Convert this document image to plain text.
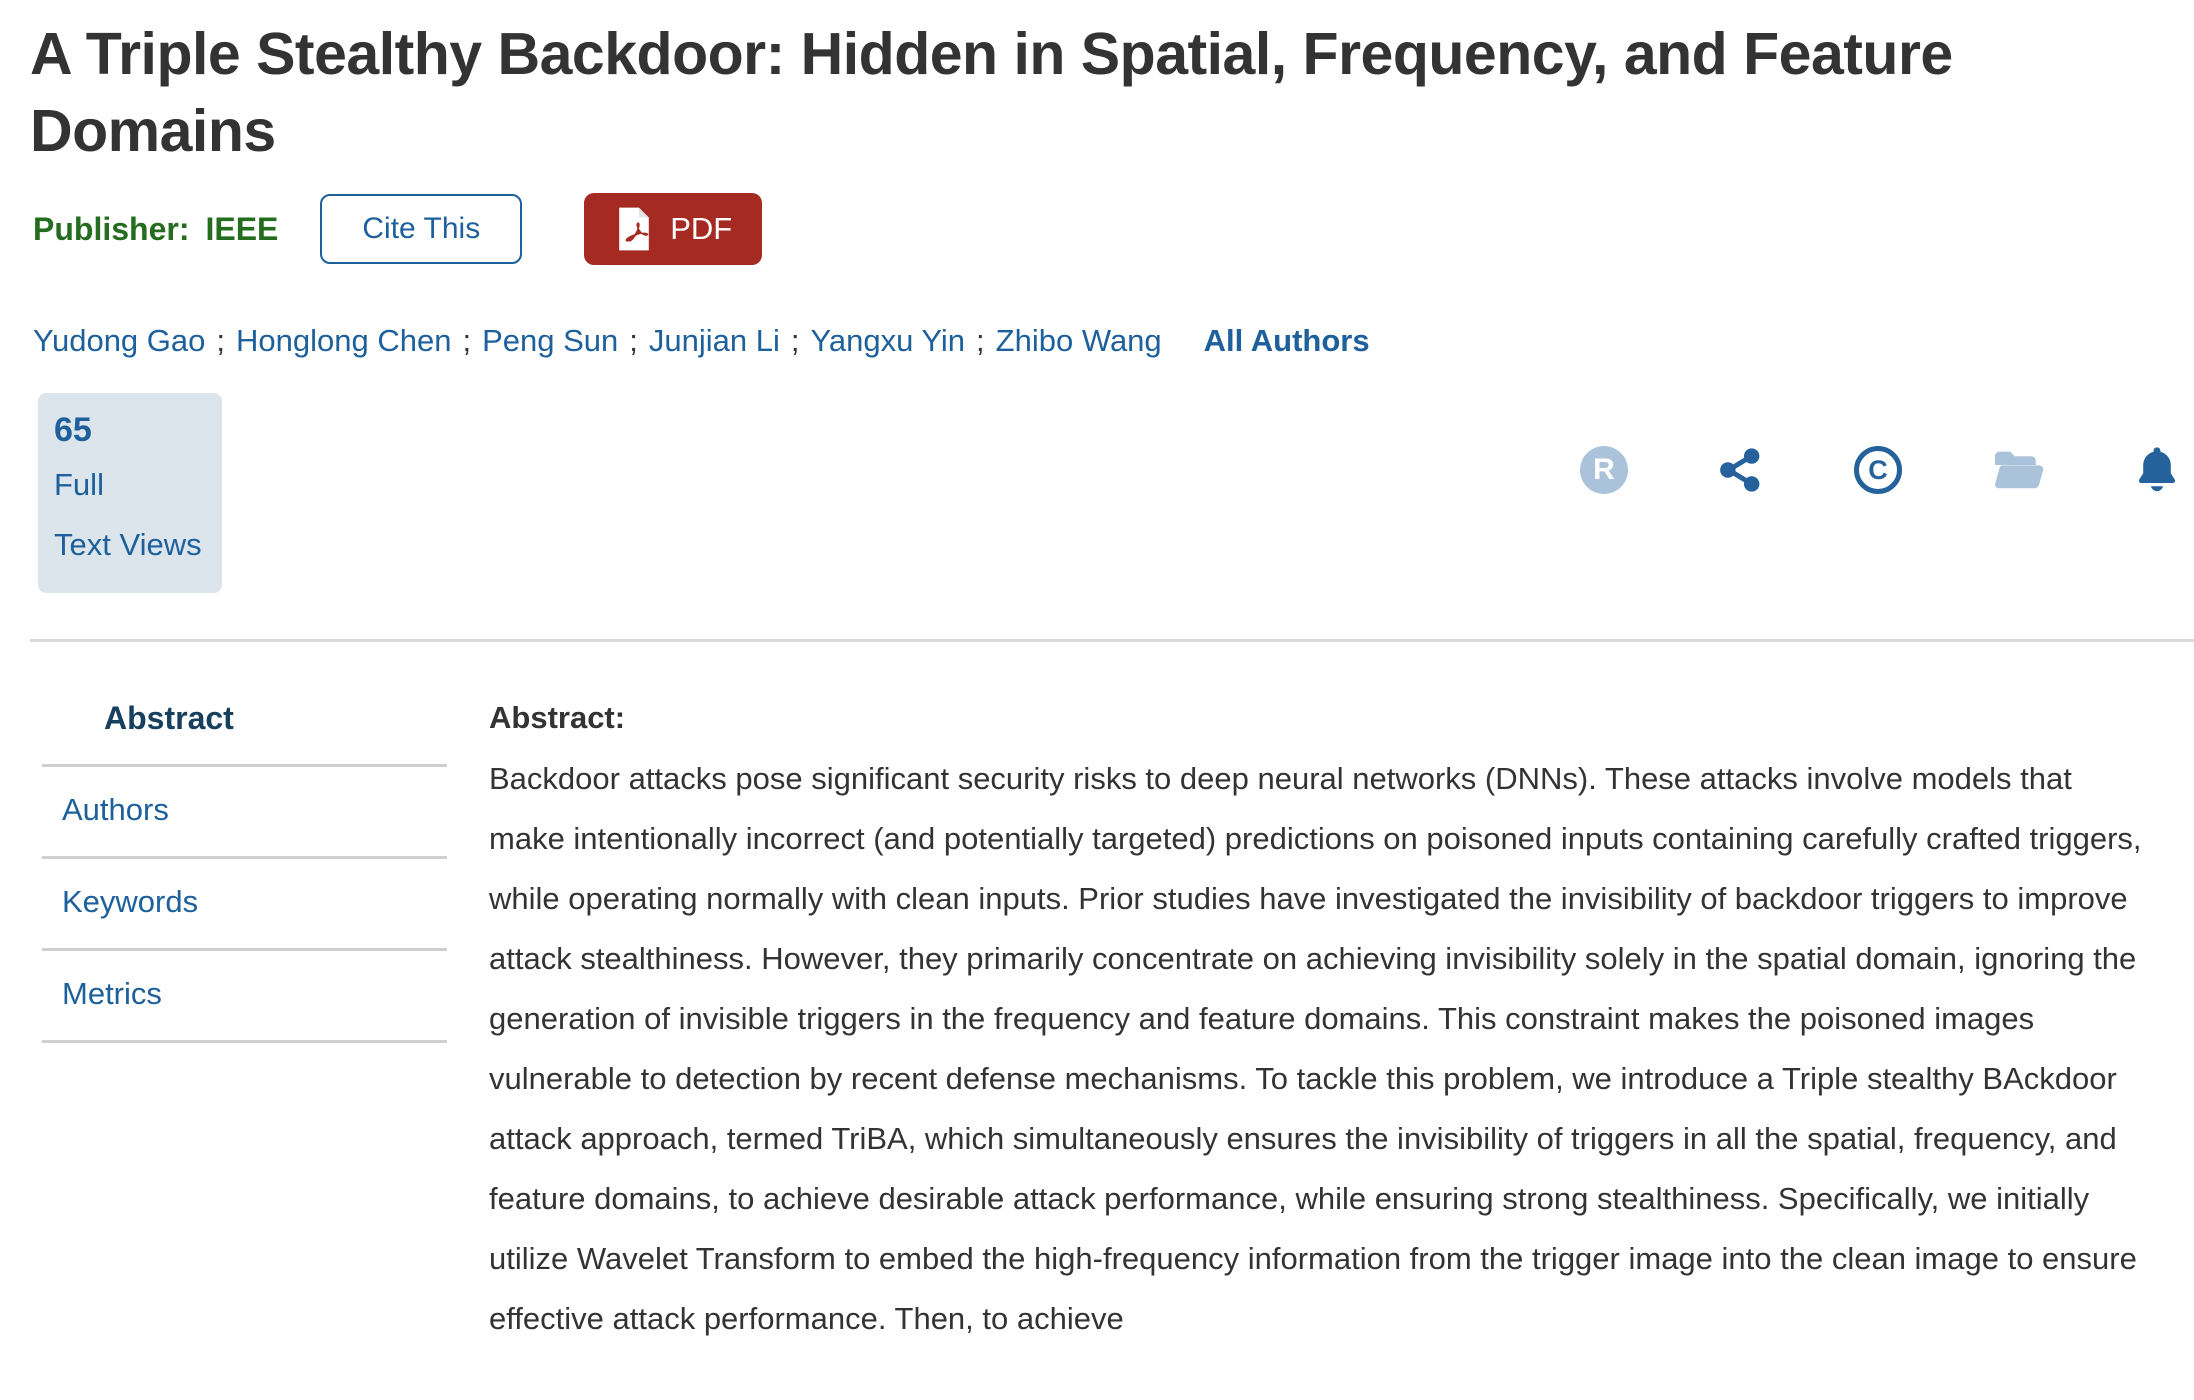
A Triple Stealthy Backdoor: Hidden in Spatial, Frequency, and Feature Domains
Publisher: IEEE	Cite This	PDF
Yudong Gao ; Honglong Chen ; Peng Sun ; Junjian Li ; Yangxu Yin ; Zhibo Wang All Authors
65
Full
Text Views
R	C
Abstract
Authors
Keywords
Metrics
Abstract:
Backdoor attacks pose significant security risks to deep neural networks (DNNs). These attacks involve models that make intentionally incorrect (and potentially targeted) predictions on poisoned inputs containing carefully crafted triggers, while operating normally with clean inputs. Prior studies have investigated the invisibility of backdoor triggers to improve attack stealthiness. However, they primarily concentrate on achieving invisibility solely in the spatial domain, ignoring the generation of invisible triggers in the frequency and feature domains. This constraint makes the poisoned images vulnerable to detection by recent defense mechanisms. To tackle this problem, we introduce a Triple stealthy BAckdoor attack approach, termed TriBA, which simultaneously ensures the invisibility of triggers in all the spatial, frequency, and feature domains, to achieve desirable attack performance, while ensuring strong stealthiness. Specifically, we initially utilize Wavelet Transform to embed the high-frequency information from the trigger image into the clean image to ensure effective attack performance. Then, to achieve
